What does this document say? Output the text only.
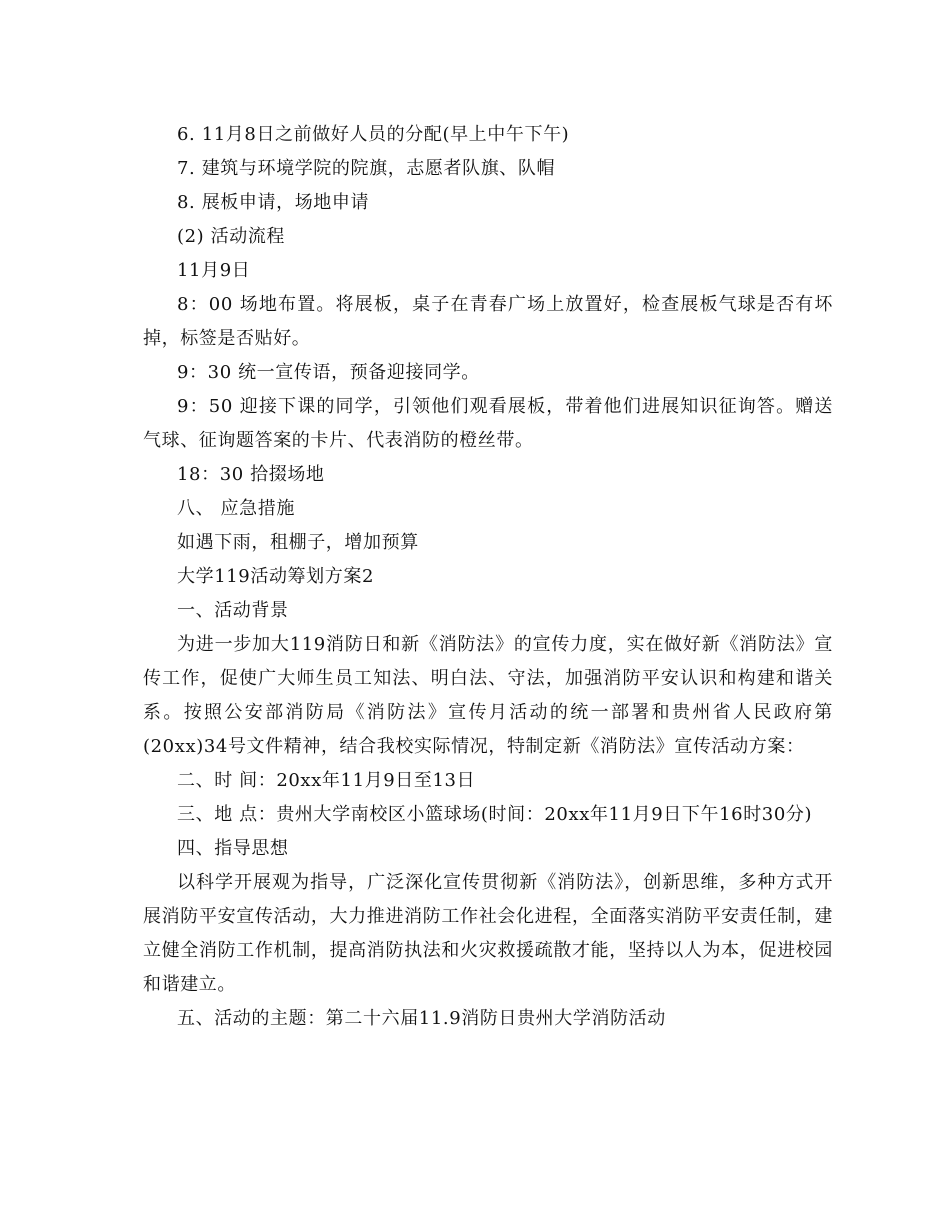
6. 11月8日之前做好人员的分配(早上中午下午)

7. 建筑与环境学院的院旗，志愿者队旗、队帽

8. 展板申请，场地申请

(2) 活动流程

11月9日

8：00 场地布置。将展板，桌子在青春广场上放置好，检查展板气球是否有坏掉，标签是否贴好。

9：30 统一宣传语，预备迎接同学。

9：50 迎接下课的同学，引领他们观看展板，带着他们进展知识征询答。赠送气球、征询题答案的卡片、代表消防的橙丝带。

18：30 拾掇场地

八、 应急措施

如遇下雨，租棚子，增加预算

大学119活动筹划方案2

一、活动背景

为进一步加大119消防日和新《消防法》的宣传力度，实在做好新《消防法》宣传工作，促使广大师生员工知法、明白法、守法，加强消防平安认识和构建和谐关系。按照公安部消防局《消防法》宣传月活动的统一部署和贵州省人民政府第(20xx)34号文件精神，结合我校实际情况，特制定新《消防法》宣传活动方案：

二、时 间：20xx年11月9日至13日

三、地 点：贵州大学南校区小篮球场(时间：20xx年11月9日下午16时30分)

四、指导思想

以科学开展观为指导，广泛深化宣传贯彻新《消防法》，创新思维，多种方式开展消防平安宣传活动，大力推进消防工作社会化进程，全面落实消防平安责任制，建立健全消防工作机制，提高消防执法和火灾救援疏散才能，坚持以人为本，促进校园和谐建立。

五、活动的主题：第二十六届11.9消防日贵州大学消防活动
